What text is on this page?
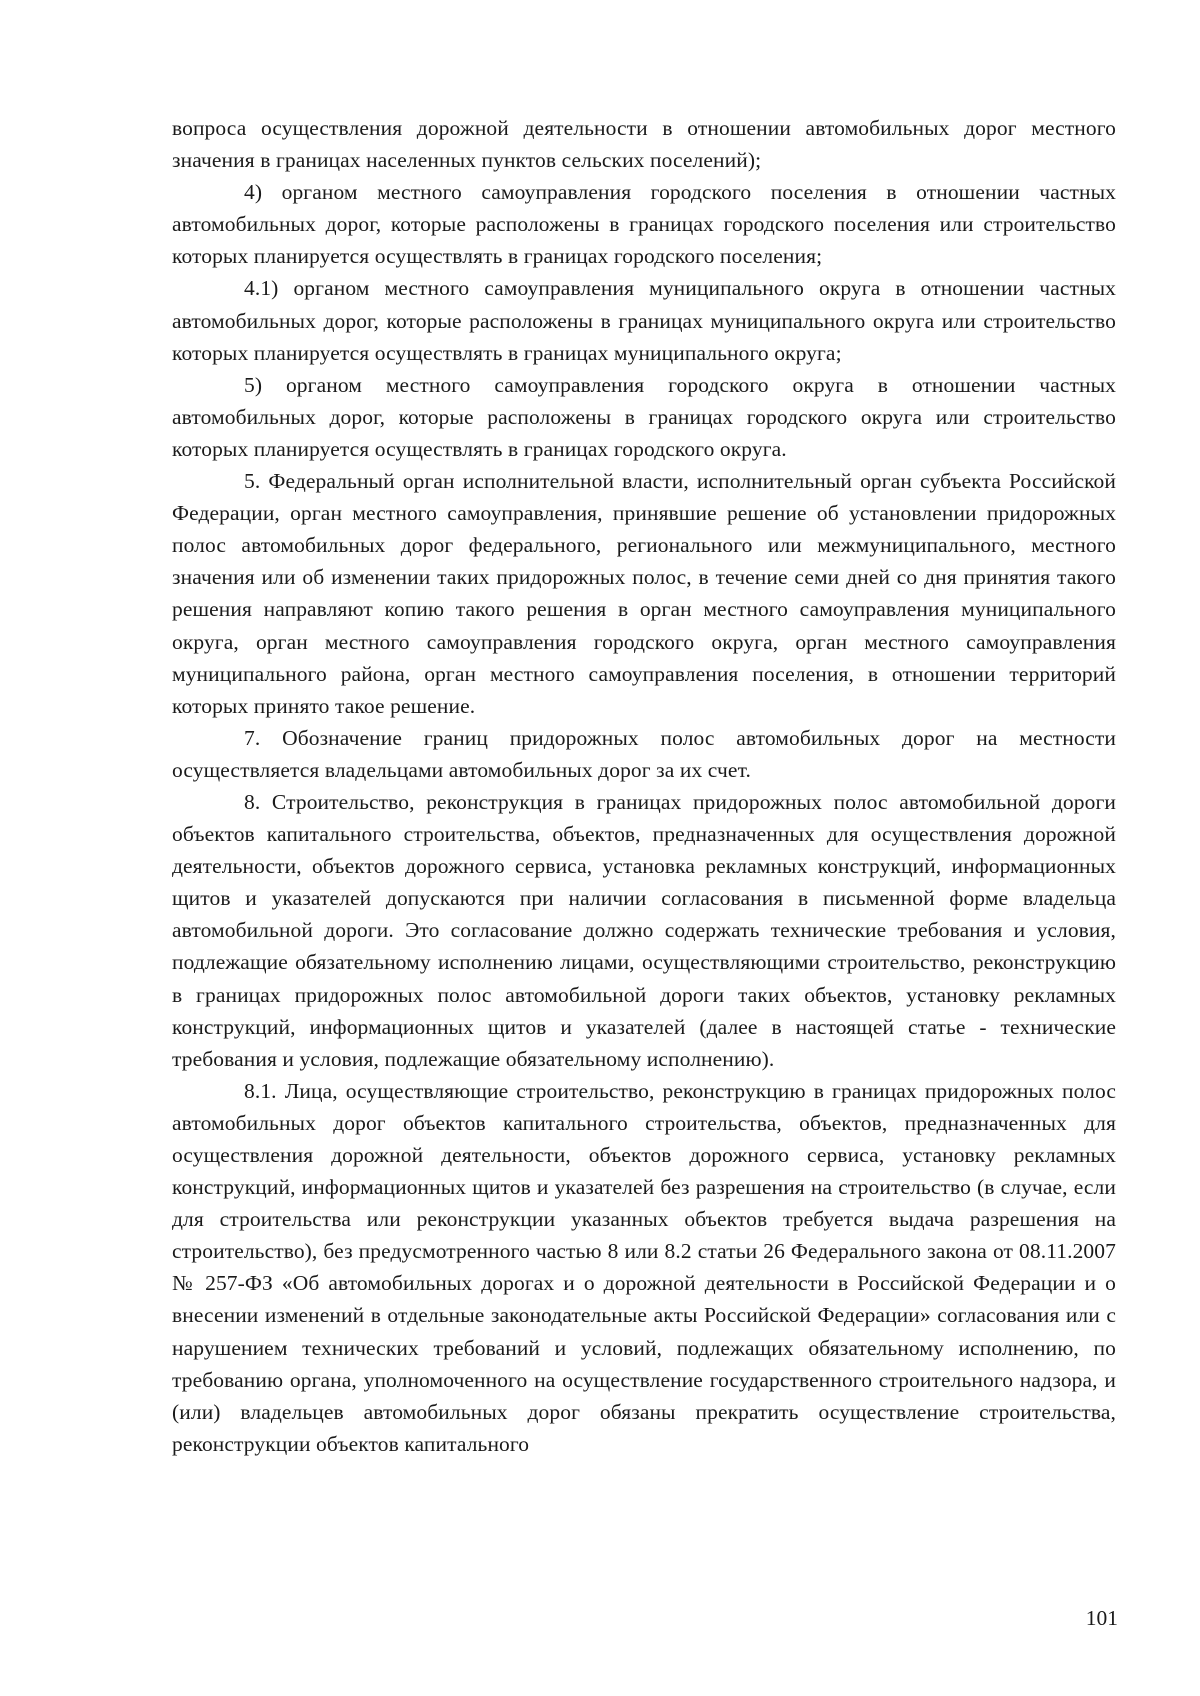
вопроса осуществления дорожной деятельности в отношении автомобильных дорог местного значения в границах населенных пунктов сельских поселений);

4) органом местного самоуправления городского поселения в отношении частных автомобильных дорог, которые расположены в границах городского поселения или строительство которых планируется осуществлять в границах городского поселения;

4.1) органом местного самоуправления муниципального округа в отношении частных автомобильных дорог, которые расположены в границах муниципального округа или строительство которых планируется осуществлять в границах муниципального округа;

5) органом местного самоуправления городского округа в отношении частных автомобильных дорог, которые расположены в границах городского округа или строительство которых планируется осуществлять в границах городского округа.

5. Федеральный орган исполнительной власти, исполнительный орган субъекта Российской Федерации, орган местного самоуправления, принявшие решение об установлении придорожных полос автомобильных дорог федерального, регионального или межмуниципального, местного значения или об изменении таких придорожных полос, в течение семи дней со дня принятия такого решения направляют копию такого решения в орган местного самоуправления муниципального округа, орган местного самоуправления городского округа, орган местного самоуправления муниципального района, орган местного самоуправления поселения, в отношении территорий которых принято такое решение.

7. Обозначение границ придорожных полос автомобильных дорог на местности осуществляется владельцами автомобильных дорог за их счет.

8. Строительство, реконструкция в границах придорожных полос автомобильной дороги объектов капитального строительства, объектов, предназначенных для осуществления дорожной деятельности, объектов дорожного сервиса, установка рекламных конструкций, информационных щитов и указателей допускаются при наличии согласования в письменной форме владельца автомобильной дороги. Это согласование должно содержать технические требования и условия, подлежащие обязательному исполнению лицами, осуществляющими строительство, реконструкцию в границах придорожных полос автомобильной дороги таких объектов, установку рекламных конструкций, информационных щитов и указателей (далее в настоящей статье - технические требования и условия, подлежащие обязательному исполнению).

8.1. Лица, осуществляющие строительство, реконструкцию в границах придорожных полос автомобильных дорог объектов капитального строительства, объектов, предназначенных для осуществления дорожной деятельности, объектов дорожного сервиса, установку рекламных конструкций, информационных щитов и указателей без разрешения на строительство (в случае, если для строительства или реконструкции указанных объектов требуется выдача разрешения на строительство), без предусмотренного частью 8 или 8.2 статьи 26 Федерального закона от 08.11.2007 № 257-ФЗ «Об автомобильных дорогах и о дорожной деятельности в Российской Федерации и о внесении изменений в отдельные законодательные акты Российской Федерации» согласования или с нарушением технических требований и условий, подлежащих обязательному исполнению, по требованию органа, уполномоченного на осуществление государственного строительного надзора, и (или) владельцев автомобильных дорог обязаны прекратить осуществление строительства, реконструкции объектов капитального

101
